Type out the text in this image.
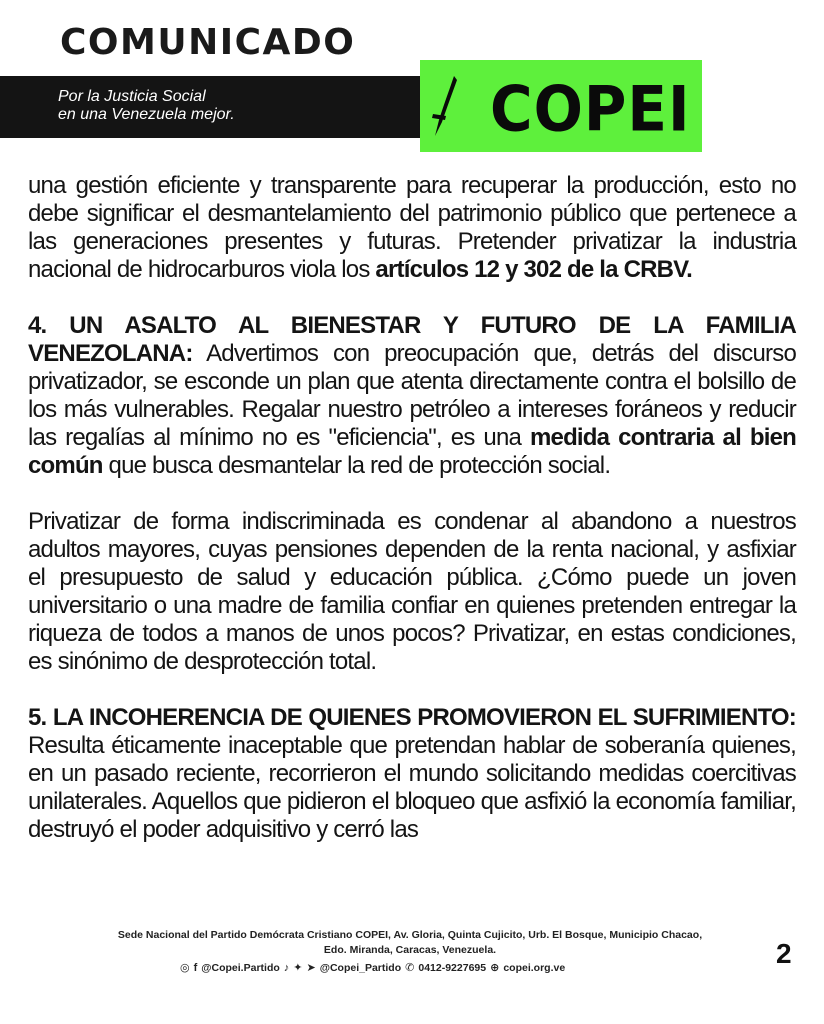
COMUNICADO
Por la Justicia Social
en una Venezuela mejor.	COPEI

una gestión eficiente y transparente para recuperar la producción, esto no debe significar el desmantelamiento del patrimonio público que pertenece a las generaciones presentes y futuras. Pretender privatizar la industria nacional de hidrocarburos viola los artículos 12 y 302 de la CRBV.

4. UN ASALTO AL BIENESTAR Y FUTURO DE LA FAMILIA VENEZOLANA: Advertimos con preocupación que, detrás del discurso privatizador, se esconde un plan que atenta directamente contra el bolsillo de los más vulnerables. Regalar nuestro petróleo a intereses foráneos y reducir las regalías al mínimo no es "eficiencia", es una medida contraria al bien común que busca desmantelar la red de protección social.

Privatizar de forma indiscriminada es condenar al abandono a nuestros adultos mayores, cuyas pensiones dependen de la renta nacional, y asfixiar el presupuesto de salud y educación pública. ¿Cómo puede un joven universitario o una madre de familia confiar en quienes pretenden entregar la riqueza de todos a manos de unos pocos? Privatizar, en estas condiciones, es sinónimo de desprotección total.

5. LA INCOHERENCIA DE QUIENES PROMOVIERON EL SUFRIMIENTO: Resulta éticamente inaceptable que pretendan hablar de soberanía quienes, en un pasado reciente, recorrieron el mundo solicitando medidas coercitivas unilaterales. Aquellos que pidieron el bloqueo que asfixió la economía familiar, destruyó el poder adquisitivo y cerró las

Sede Nacional del Partido Demócrata Cristiano COPEI, Av. Gloria, Quinta Cujicito, Urb. El Bosque, Municipio Chacao,
Edo. Miranda, Caracas, Venezuela.
◎ f @Copei.Partido ♪ ✦ ➤ @Copei_Partido ✆ 0412-9227695 ⊕ copei.org.ve	2
